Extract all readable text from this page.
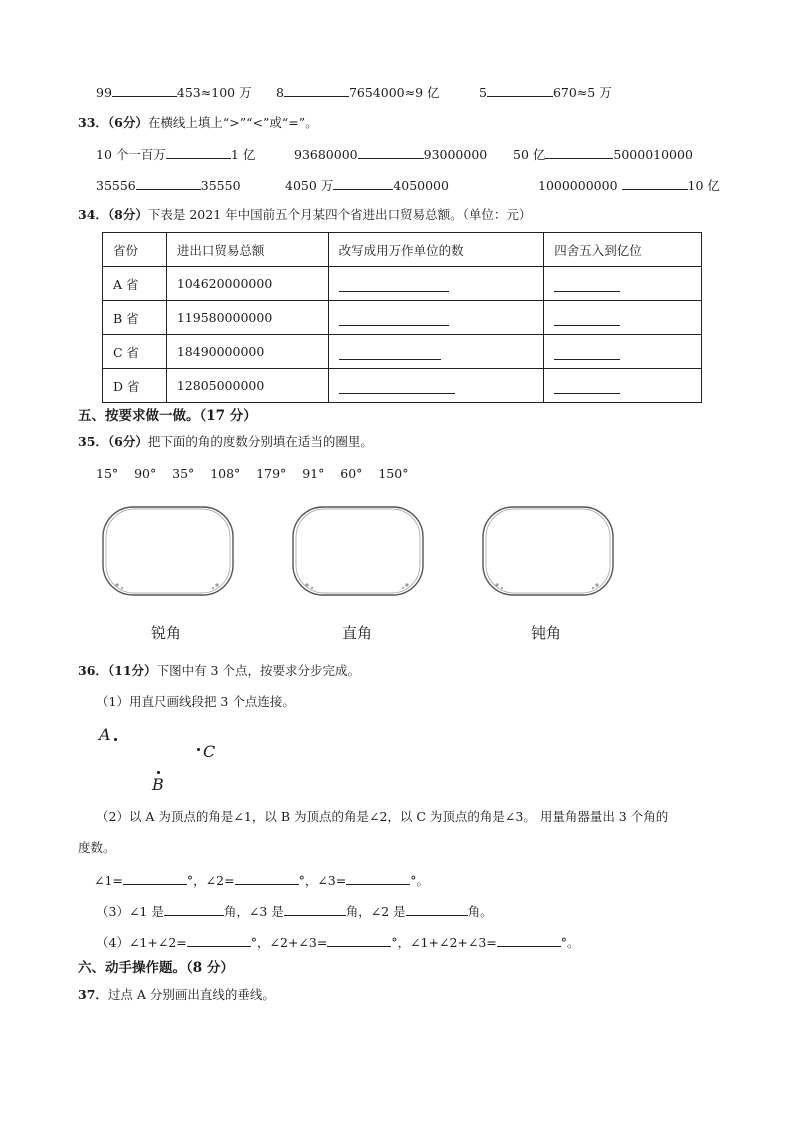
99	453≈100 万 8	7654000≈9 亿	5	670≈5 万
33．（6分）在横线上填上“>”“<”或“=”。
10 个一百万	1 亿	93680000	93000000 50 亿	5000010000
35556	35550	4050 万	4050000	1000000000	10 亿
34．（8分）下表是 2021 年中国前五个月某四个省进出口贸易总额。（单位：元）
省份	进出口贸易总额	改写成用万作单位的数	四舍五入到亿位
A 省	104620000000		
B 省	119580000000		
C 省	18490000000		
D 省	12805000000		
五、按要求做一做。（17 分）
35．（6分）把下面的角的度数分别填在适当的圈里。
15° 90° 35° 108° 179° 91° 60° 150°
锐角	直角	钝角
36．（11分）下图中有 3 个点，按要求分步完成。
（1）用直尺画线段把 3 个点连接。
A
C
B
（2）以 A 为顶点的角是∠1，以 B 为顶点的角是∠2，以 C 为顶点的角是∠3。 用量角器量出 3 个角的
度数。
∠1=	°，∠2=	°，∠3=	°。
（3）∠1 是	角，∠3 是	角，∠2 是	角。
（4）∠1+∠2=	°，∠2+∠3=	°，∠1+∠2+∠3=	°。
六、动手操作题。（8 分）
37．过点 A 分别画出直线的垂线。
